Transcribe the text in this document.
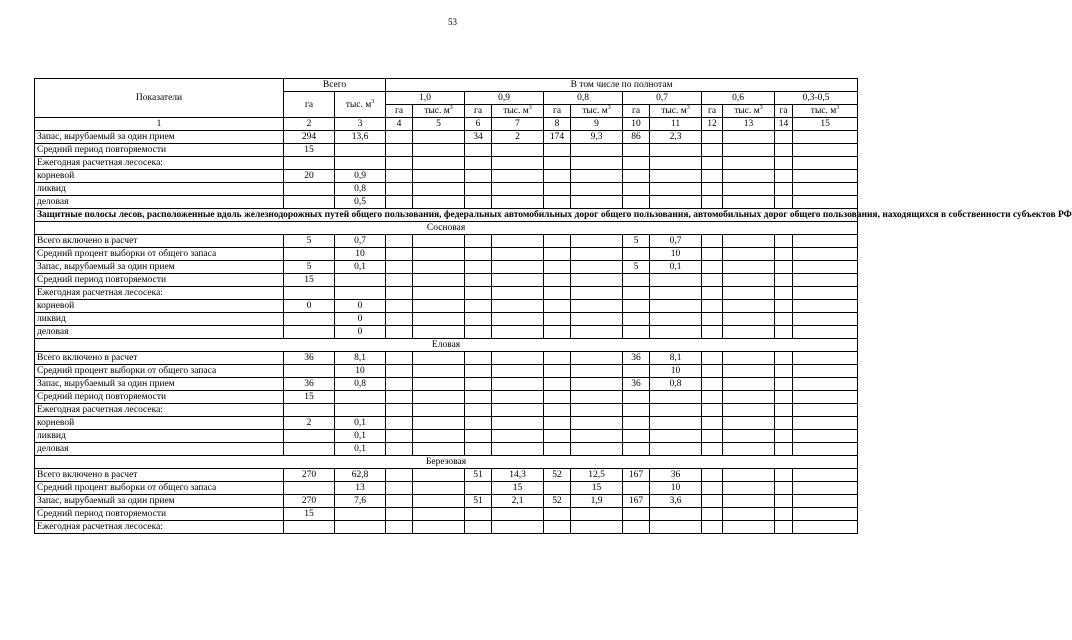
53
Показатели	Всего		В том числе по полнотам											
	га	тыс. $м^3$	1,0		0,9		0,8		0,7		0,6		0,3-0,5	
			га	тыс. $м^3$	га	тыс. $м^3$	га	тыс. $м^3$	га	тыс. $м^3$	га	тыс. $м^3$	га	тыс. $м^3$
1	2	3	4	5	6	7	8	9	10	11	12	13	14	15
Запас, вырубаемый за один прием	294	13,6			34	2	174	9,3	86	2,3				
Средний период повторяемости	15													
Ежегодная расчетная лесосека:														
корневой	20	0,9												
ликвид		0,8												
деловая		0,5												
Защитные полосы лесов, расположенные вдоль железнодорожных путей общего пользования, федеральных автомобильных дорог общего пользования, автомобильных дорог общего пользования, находящихся в собственности субъектов РФ														
Сосновая														
Всего включено в расчет	5	0,7							5	0,7				
Средний процент выборки от общего запаса		10								10				
Запас, вырубаемый за один прием	5	0,1							5	0,1				
Средний период повторяемости	15													
Ежегодная расчетная лесосека:														
корневой	0	0												
ликвид		0												
деловая		0												
Еловая														
Всего включено в расчет	36	8,1							36	8,1				
Средний процент выборки от общего запаса		10								10				
Запас, вырубаемый за один прием	36	0,8							36	0,8				
Средний период повторяемости	15													
Ежегодная расчетная лесосека:														
корневой	2	0,1												
ликвид		0,1												
деловая		0,1												
Березовая														
Всего включено в расчет	270	62,8			51	14,3	52	12,5	167	36				
Средний процент выборки от общего запаса		13				15		15		10				
Запас, вырубаемый за один прием	270	7,6			51	2,1	52	1,9	167	3,6				
Средний период повторяемости	15													
Ежегодная расчетная лесосека:														
